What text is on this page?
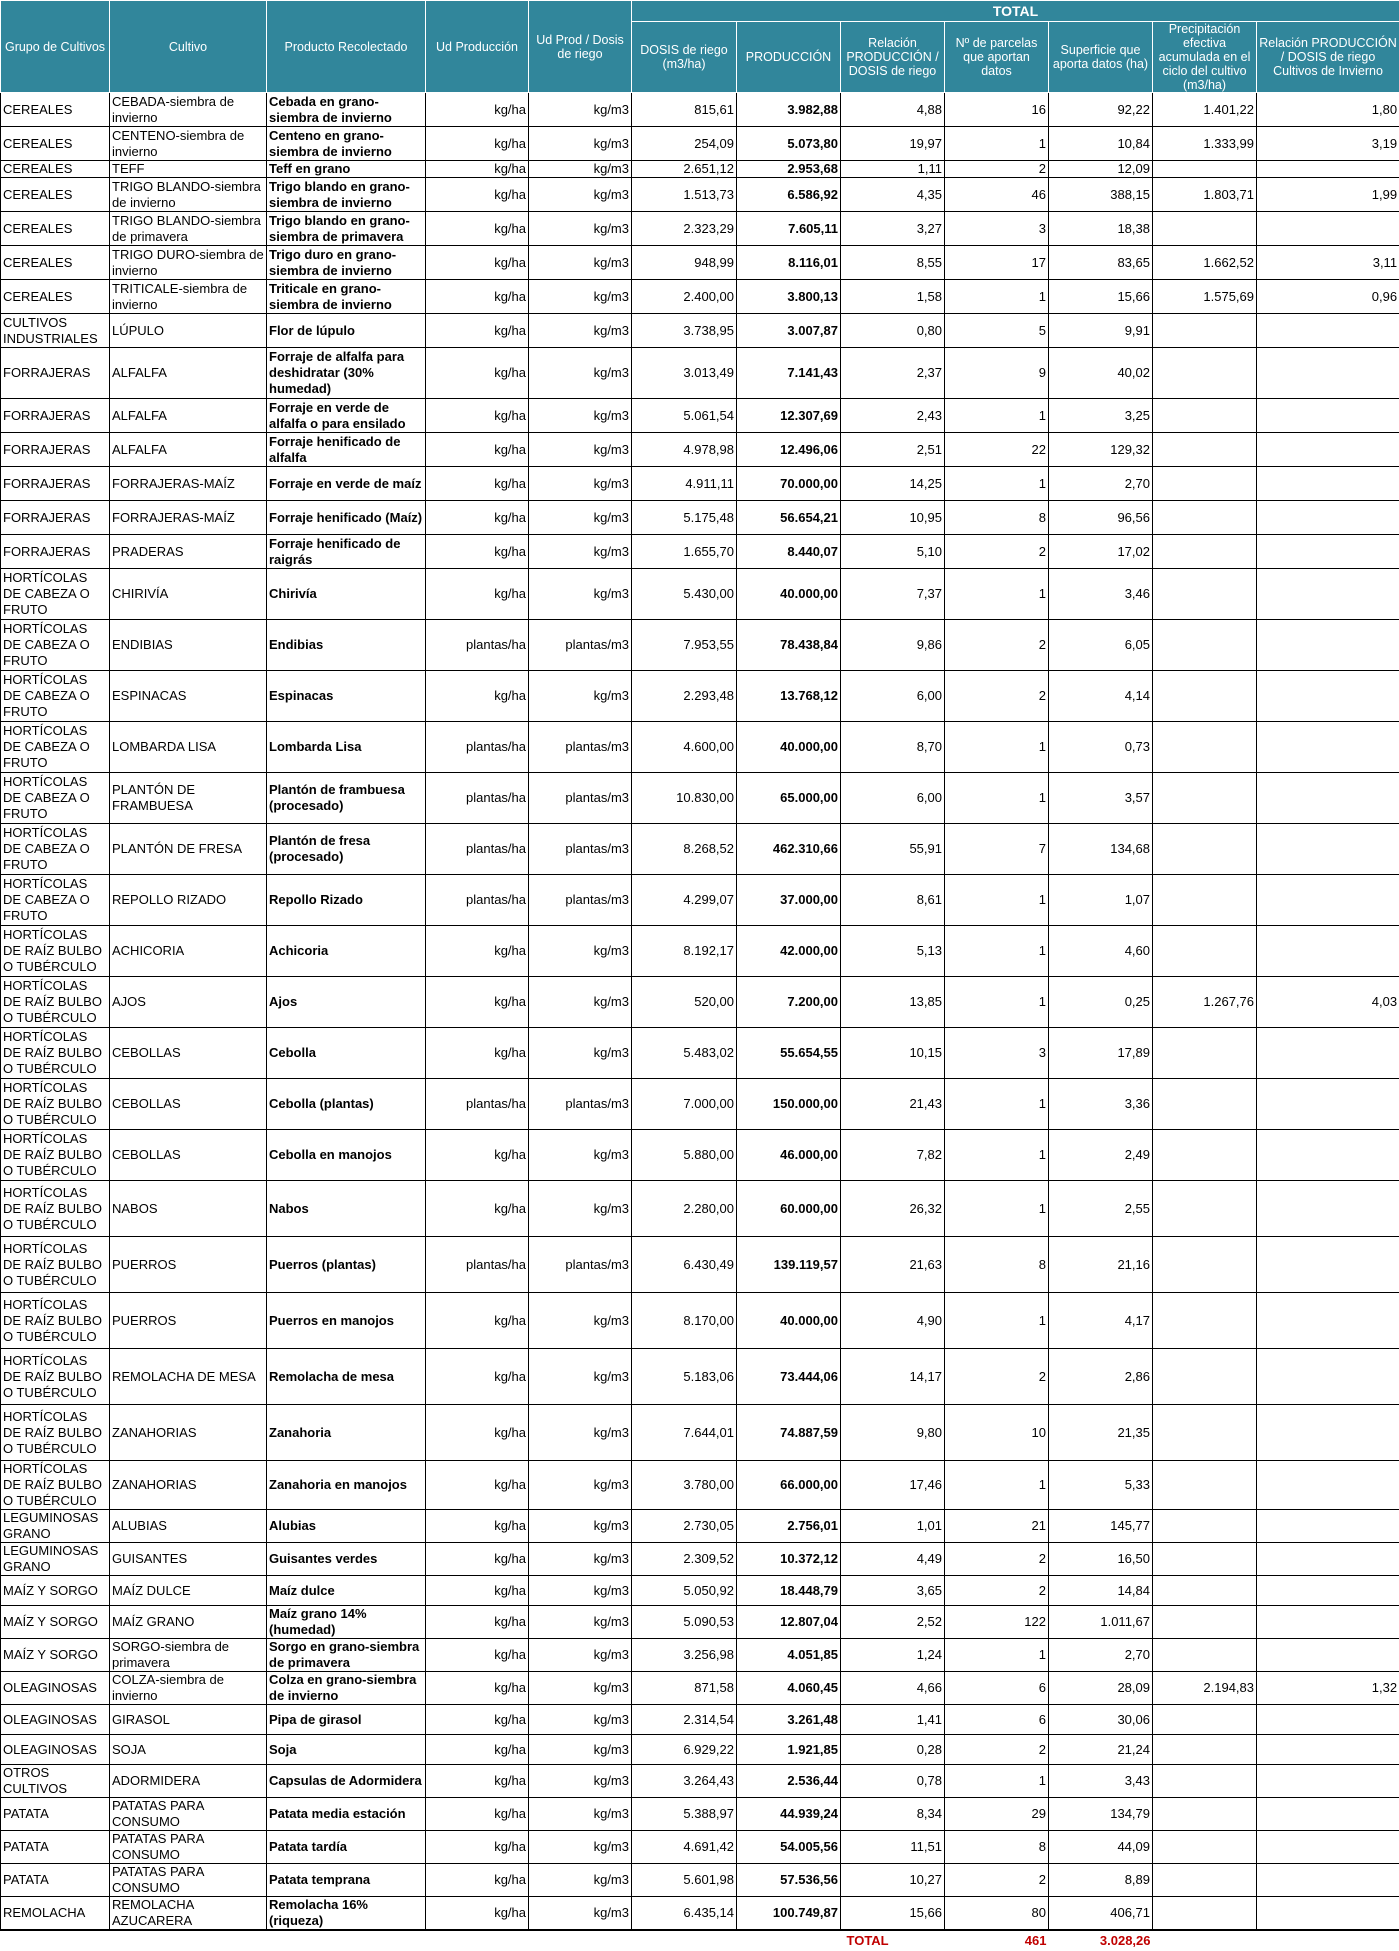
Grupo de Cultivos	Cultivo	Producto Recolectado	Ud Producción	Ud Prod / Dosis de riego	TOTAL						
					DOSIS de riego (m3/ha)	PRODUCCIÓN	Relación PRODUCCIÓN / DOSIS de riego	Nº de parcelas que aportan datos	Superficie que aporta datos (ha)	Precipitación efectiva acumulada en el ciclo del cultivo (m3/ha)	Relación PRODUCCIÓN / DOSIS de riego Cultivos de Invierno
CEREALES	CEBADA-siembra de invierno	Cebada en grano-siembra de invierno	kg/ha	kg/m3	815,61	3.982,88	4,88	16	92,22	1.401,22	1,80
CEREALES	CENTENO-siembra de invierno	Centeno en grano-siembra de invierno	kg/ha	kg/m3	254,09	5.073,80	19,97	1	10,84	1.333,99	3,19
CEREALES	TEFF	Teff en grano	kg/ha	kg/m3	2.651,12	2.953,68	1,11	2	12,09		
CEREALES	TRIGO BLANDO-siembra de invierno	Trigo blando en grano-siembra de invierno	kg/ha	kg/m3	1.513,73	6.586,92	4,35	46	388,15	1.803,71	1,99
CEREALES	TRIGO BLANDO-siembra de primavera	Trigo blando en grano-siembra de primavera	kg/ha	kg/m3	2.323,29	7.605,11	3,27	3	18,38		
CEREALES	TRIGO DURO-siembra de invierno	Trigo duro en grano-siembra de invierno	kg/ha	kg/m3	948,99	8.116,01	8,55	17	83,65	1.662,52	3,11
CEREALES	TRITICALE-siembra de invierno	Triticale en grano-siembra de invierno	kg/ha	kg/m3	2.400,00	3.800,13	1,58	1	15,66	1.575,69	0,96
CULTIVOS INDUSTRIALES	LÚPULO	Flor de lúpulo	kg/ha	kg/m3	3.738,95	3.007,87	0,80	5	9,91		
FORRAJERAS	ALFALFA	Forraje de alfalfa para deshidratar (30% humedad)	kg/ha	kg/m3	3.013,49	7.141,43	2,37	9	40,02		
FORRAJERAS	ALFALFA	Forraje en verde de alfalfa o para ensilado	kg/ha	kg/m3	5.061,54	12.307,69	2,43	1	3,25		
FORRAJERAS	ALFALFA	Forraje henificado de alfalfa	kg/ha	kg/m3	4.978,98	12.496,06	2,51	22	129,32		
FORRAJERAS	FORRAJERAS-MAÍZ	Forraje en verde de maíz	kg/ha	kg/m3	4.911,11	70.000,00	14,25	1	2,70		
FORRAJERAS	FORRAJERAS-MAÍZ	Forraje henificado (Maíz)	kg/ha	kg/m3	5.175,48	56.654,21	10,95	8	96,56		
FORRAJERAS	PRADERAS	Forraje henificado de raigrás	kg/ha	kg/m3	1.655,70	8.440,07	5,10	2	17,02		
HORTÍCOLAS DE CABEZA O FRUTO	CHIRIVÍA	Chirivía	kg/ha	kg/m3	5.430,00	40.000,00	7,37	1	3,46		
HORTÍCOLAS DE CABEZA O FRUTO	ENDIBIAS	Endibias	plantas/ha	plantas/m3	7.953,55	78.438,84	9,86	2	6,05		
HORTÍCOLAS DE CABEZA O FRUTO	ESPINACAS	Espinacas	kg/ha	kg/m3	2.293,48	13.768,12	6,00	2	4,14		
HORTÍCOLAS DE CABEZA O FRUTO	LOMBARDA LISA	Lombarda Lisa	plantas/ha	plantas/m3	4.600,00	40.000,00	8,70	1	0,73		
HORTÍCOLAS DE CABEZA O FRUTO	PLANTÓN DE FRAMBUESA	Plantón de frambuesa (procesado)	plantas/ha	plantas/m3	10.830,00	65.000,00	6,00	1	3,57		
HORTÍCOLAS DE CABEZA O FRUTO	PLANTÓN DE FRESA	Plantón de fresa (procesado)	plantas/ha	plantas/m3	8.268,52	462.310,66	55,91	7	134,68		
HORTÍCOLAS DE CABEZA O FRUTO	REPOLLO RIZADO	Repollo Rizado	plantas/ha	plantas/m3	4.299,07	37.000,00	8,61	1	1,07		
HORTÍCOLAS DE RAÍZ BULBO O TUBÉRCULO	ACHICORIA	Achicoria	kg/ha	kg/m3	8.192,17	42.000,00	5,13	1	4,60		
HORTÍCOLAS DE RAÍZ BULBO O TUBÉRCULO	AJOS	Ajos	kg/ha	kg/m3	520,00	7.200,00	13,85	1	0,25	1.267,76	4,03
HORTÍCOLAS DE RAÍZ BULBO O TUBÉRCULO	CEBOLLAS	Cebolla	kg/ha	kg/m3	5.483,02	55.654,55	10,15	3	17,89		
HORTÍCOLAS DE RAÍZ BULBO O TUBÉRCULO	CEBOLLAS	Cebolla (plantas)	plantas/ha	plantas/m3	7.000,00	150.000,00	21,43	1	3,36		
HORTÍCOLAS DE RAÍZ BULBO O TUBÉRCULO	CEBOLLAS	Cebolla en manojos	kg/ha	kg/m3	5.880,00	46.000,00	7,82	1	2,49		
HORTÍCOLAS DE RAÍZ BULBO O TUBÉRCULO	NABOS	Nabos	kg/ha	kg/m3	2.280,00	60.000,00	26,32	1	2,55		
HORTÍCOLAS DE RAÍZ BULBO O TUBÉRCULO	PUERROS	Puerros (plantas)	plantas/ha	plantas/m3	6.430,49	139.119,57	21,63	8	21,16		
HORTÍCOLAS DE RAÍZ BULBO O TUBÉRCULO	PUERROS	Puerros en manojos	kg/ha	kg/m3	8.170,00	40.000,00	4,90	1	4,17		
HORTÍCOLAS DE RAÍZ BULBO O TUBÉRCULO	REMOLACHA DE MESA	Remolacha de mesa	kg/ha	kg/m3	5.183,06	73.444,06	14,17	2	2,86		
HORTÍCOLAS DE RAÍZ BULBO O TUBÉRCULO	ZANAHORIAS	Zanahoria	kg/ha	kg/m3	7.644,01	74.887,59	9,80	10	21,35		
HORTÍCOLAS DE RAÍZ BULBO O TUBÉRCULO	ZANAHORIAS	Zanahoria en manojos	kg/ha	kg/m3	3.780,00	66.000,00	17,46	1	5,33		
LEGUMINOSAS GRANO	ALUBIAS	Alubias	kg/ha	kg/m3	2.730,05	2.756,01	1,01	21	145,77		
LEGUMINOSAS GRANO	GUISANTES	Guisantes verdes	kg/ha	kg/m3	2.309,52	10.372,12	4,49	2	16,50		
MAÍZ Y SORGO	MAÍZ DULCE	Maíz dulce	kg/ha	kg/m3	5.050,92	18.448,79	3,65	2	14,84		
MAÍZ Y SORGO	MAÍZ GRANO	Maíz grano 14% (humedad)	kg/ha	kg/m3	5.090,53	12.807,04	2,52	122	1.011,67		
MAÍZ Y SORGO	SORGO-siembra de primavera	Sorgo en grano-siembra de primavera	kg/ha	kg/m3	3.256,98	4.051,85	1,24	1	2,70		
OLEAGINOSAS	COLZA-siembra de invierno	Colza en grano-siembra de invierno	kg/ha	kg/m3	871,58	4.060,45	4,66	6	28,09	2.194,83	1,32
OLEAGINOSAS	GIRASOL	Pipa de girasol	kg/ha	kg/m3	2.314,54	3.261,48	1,41	6	30,06		
OLEAGINOSAS	SOJA	Soja	kg/ha	kg/m3	6.929,22	1.921,85	0,28	2	21,24		
OTROS CULTIVOS	ADORMIDERA	Capsulas de Adormidera	kg/ha	kg/m3	3.264,43	2.536,44	0,78	1	3,43		
PATATA	PATATAS PARA CONSUMO	Patata media estación	kg/ha	kg/m3	5.388,97	44.939,24	8,34	29	134,79		
PATATA	PATATAS PARA CONSUMO	Patata tardía	kg/ha	kg/m3	4.691,42	54.005,56	11,51	8	44,09		
PATATA	PATATAS PARA CONSUMO	Patata temprana	kg/ha	kg/m3	5.601,98	57.536,56	10,27	2	8,89		
REMOLACHA	REMOLACHA AZUCARERA	Remolacha 16% (riqueza)	kg/ha	kg/m3	6.435,14	100.749,87	15,66	80	406,71		
						TOTAL		461	3.028,26		
